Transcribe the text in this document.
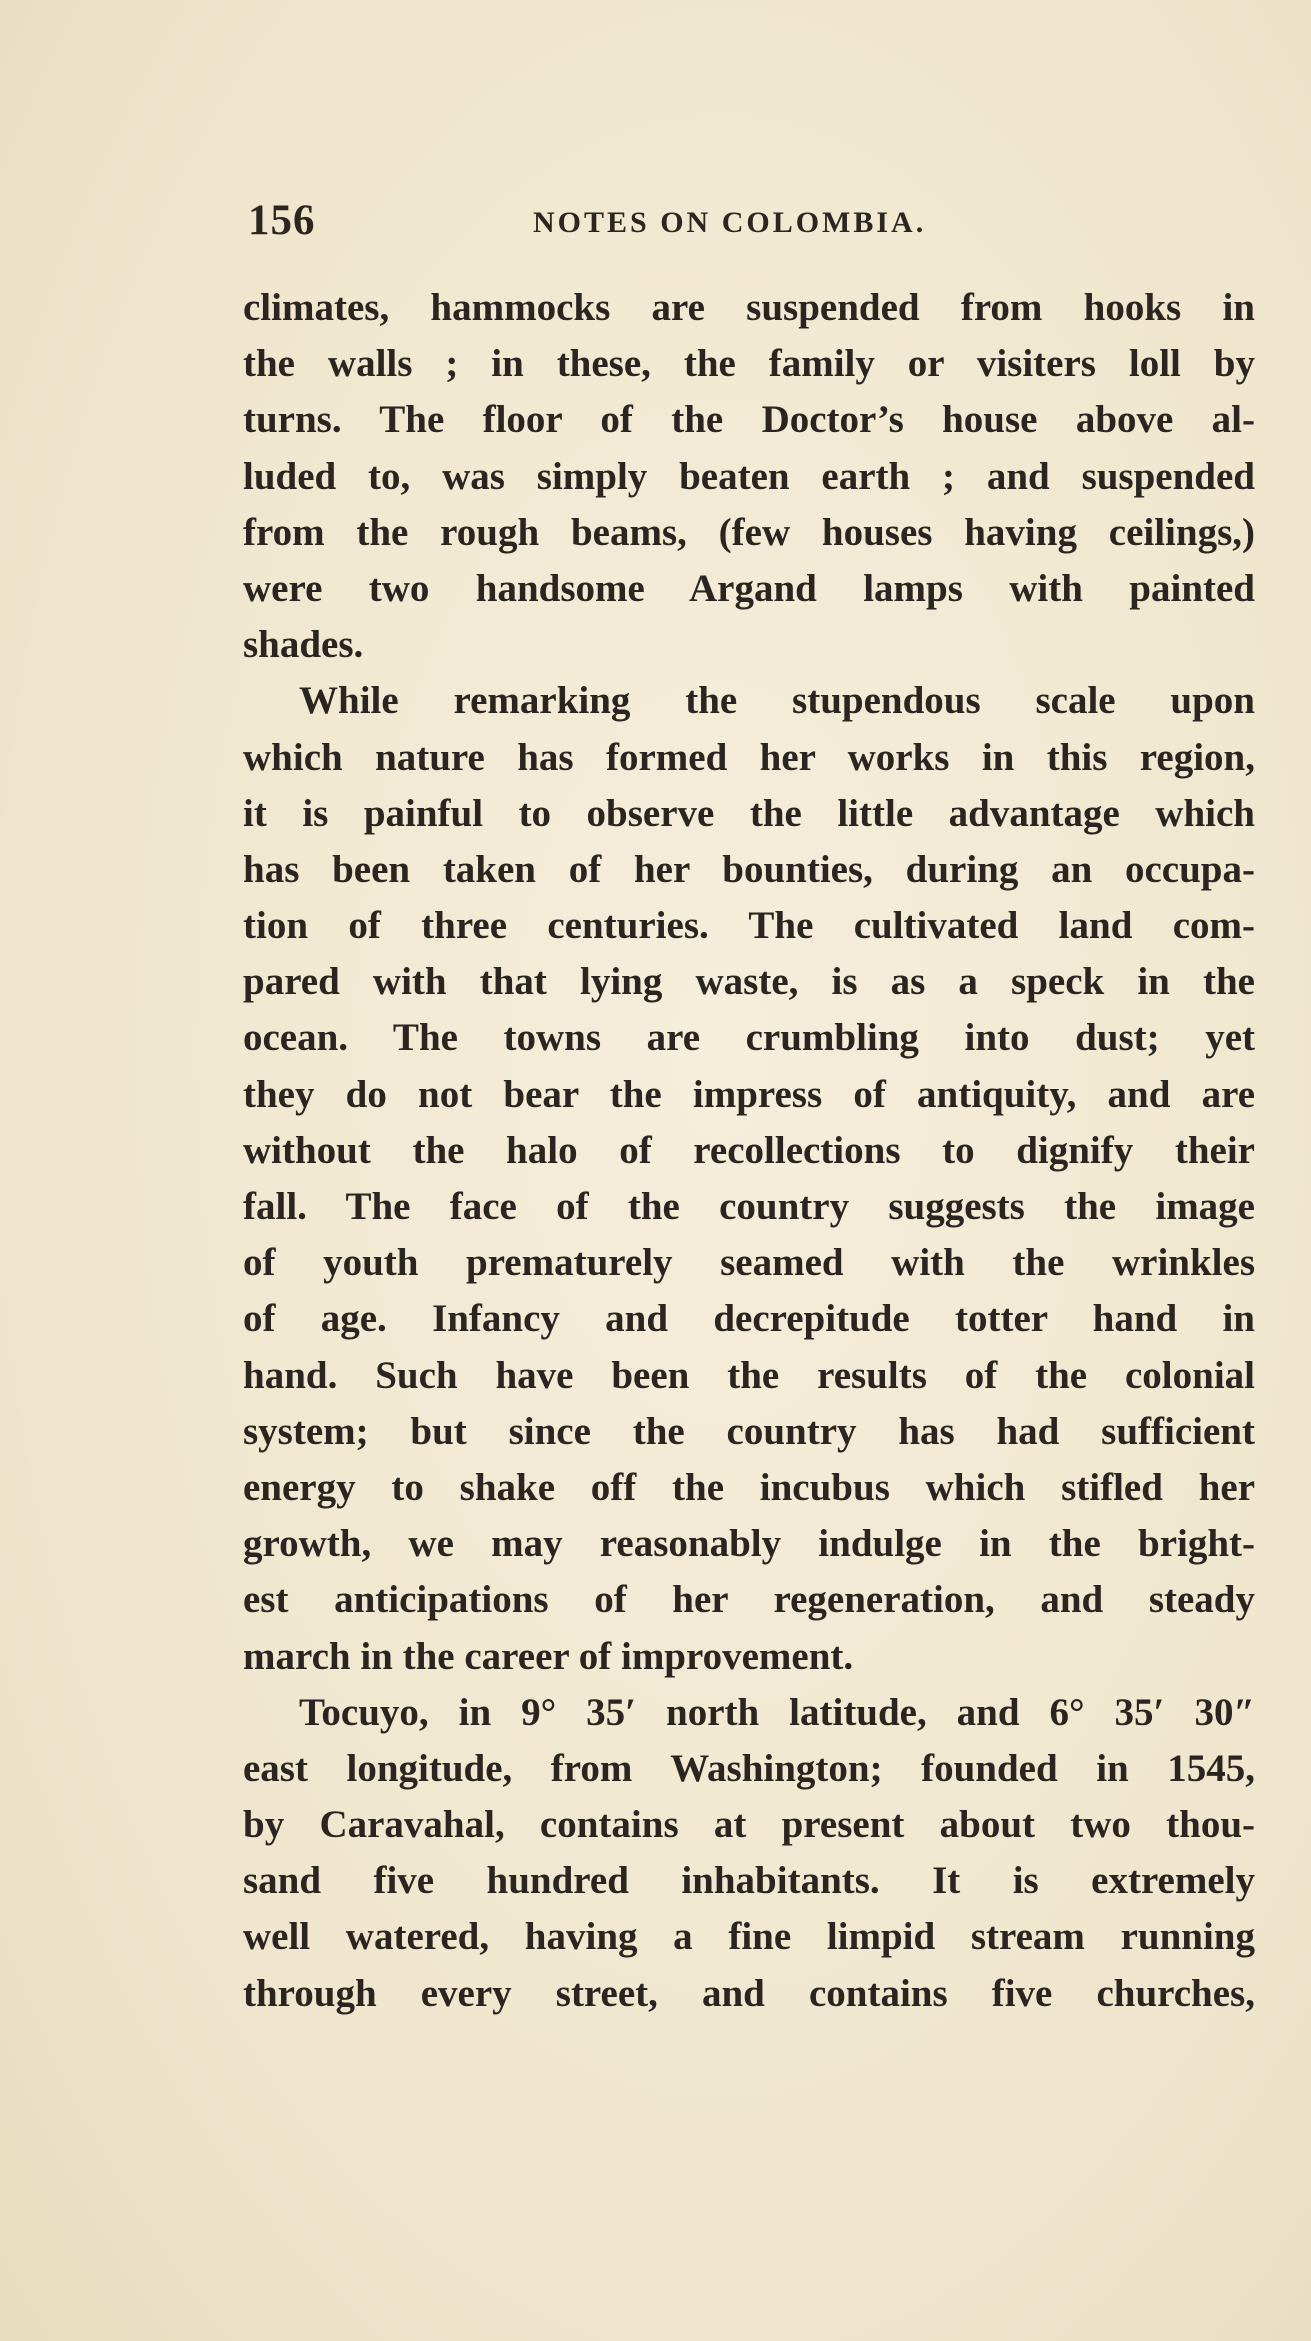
156	NOTES ON COLOMBIA.
climates, hammocks are suspended from hooks in
the walls ; in these, the family or visiters loll by
turns. The floor of the Doctor’s house above al-
luded to, was simply beaten earth ; and suspended
from the rough beams, (few houses having ceilings,)
were two handsome Argand lamps with painted
shades.
While remarking the stupendous scale upon
which nature has formed her works in this region,
it is painful to observe the little advantage which
has been taken of her bounties, during an occupa-
tion of three centuries. The cultivated land com-
pared with that lying waste, is as a speck in the
ocean. The towns are crumbling into dust; yet
they do not bear the impress of antiquity, and are
without the halo of recollections to dignify their
fall. The face of the country suggests the image
of youth prematurely seamed with the wrinkles
of age. Infancy and decrepitude totter hand in
hand. Such have been the results of the colonial
system; but since the country has had sufficient
energy to shake off the incubus which stifled her
growth, we may reasonably indulge in the bright-
est anticipations of her regeneration, and steady
march in the career of improvement.
Tocuyo, in 9° 35′ north latitude, and 6° 35′ 30″
east longitude, from Washington; founded in 1545,
by Caravahal, contains at present about two thou-
sand five hundred inhabitants. It is extremely
well watered, having a fine limpid stream running
through every street, and contains five churches,
